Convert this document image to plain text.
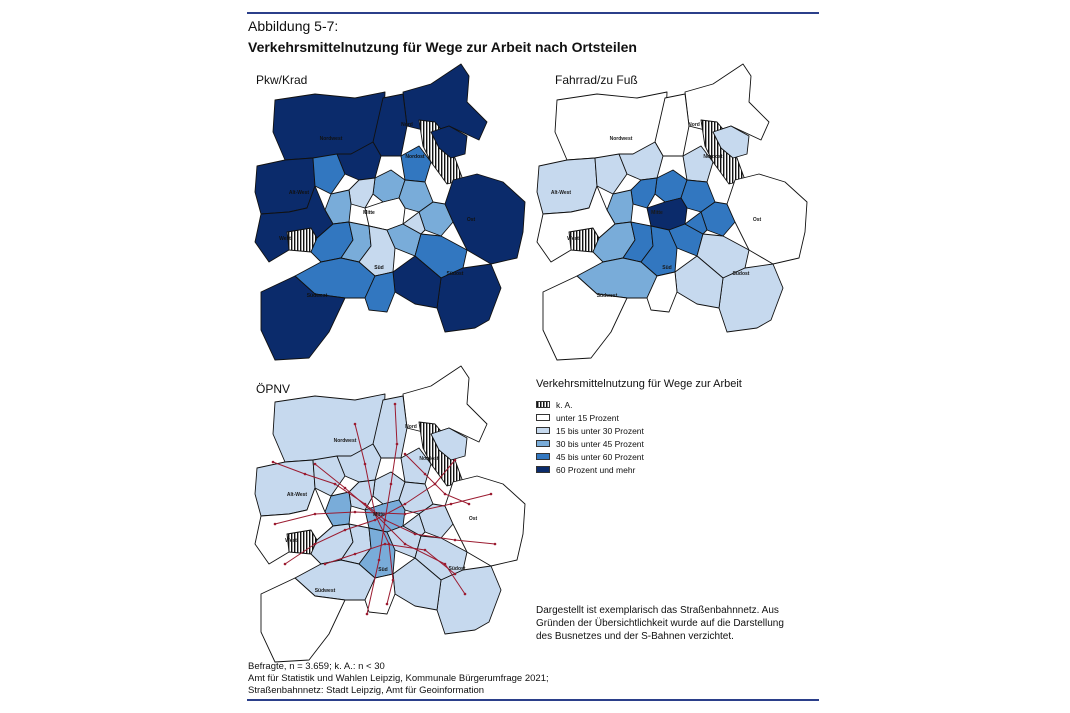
Abbildung 5-7:
Verkehrsmittelnutzung für Wege zur Arbeit nach Ortsteilen
Pkw/Krad	Fahrrad/zu Fuß
ÖPNV
Nordwest
Nord
Nordost
Alt-West
Mitte
West
Ost
Süd
Südost
Südwest
Nordwest
Nord
Nordost
Alt-West
Mitte
West
Ost
Süd
Südost
Südwest
Nordwest
Nord
Nordost
Alt-West
Mitte
West
Ost
Süd	Südost
Südwest
Verkehrsmittelnutzung für Wege zur Arbeit
k. A.
unter 15 Prozent
15 bis unter 30 Prozent
30 bis unter 45 Prozent
45 bis unter 60 Prozent
60 Prozent und mehr
Dargestellt ist exemplarisch das Straßenbahnnetz. Aus
Gründen der Übersichtlichkeit wurde auf die Darstellung
des Busnetzes und der S-Bahnen verzichtet.
Befragte, n = 3.659; k. A.: n < 30
Amt für Statistik und Wahlen Leipzig, Kommunale Bürgerumfrage 2021;
Straßenbahnnetz: Stadt Leipzig, Amt für Geoinformation
